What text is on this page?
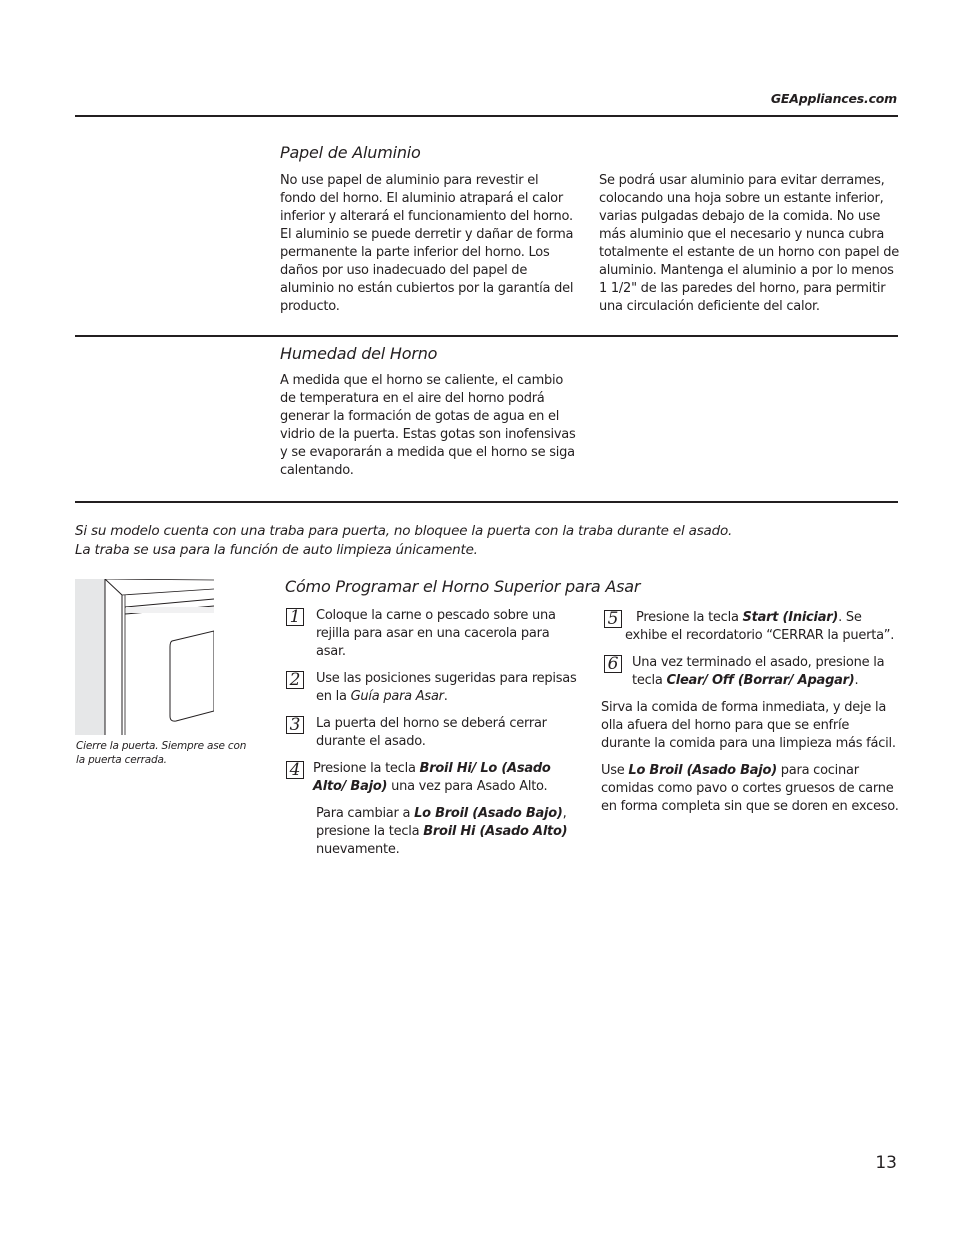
GEAppliances.com
Papel de Aluminio
No use papel de aluminio para revestir el fondo del horno. El aluminio atrapará el calor inferior y alterará el funcionamiento del horno. El aluminio se puede derretir y dañar de forma permanente la parte inferior del horno. Los daños por uso inadecuado del papel de aluminio no están cubiertos por la garantía del producto.
Se podrá usar aluminio para evitar derrames, colocando una hoja sobre un estante inferior, varias pulgadas debajo de la comida. No use más aluminio que el necesario y nunca cubra totalmente el estante de un horno con papel de aluminio. Mantenga el aluminio a por lo menos 1 1/2" de las paredes del horno, para permitir una circulación deficiente del calor.
Humedad del Horno
A medida que el horno se caliente, el cambio de temperatura en el aire del horno podrá generar la formación de gotas de agua en el vidrio de la puerta. Estas gotas son inofensivas y se evaporarán a medida que el horno se siga calentando.
Si su modelo cuenta con una traba para puerta, no bloquee la puerta con la traba durante el asado.
La traba se usa para la función de auto limpieza únicamente.
Cierre la puerta. Siempre ase con la puerta cerrada.
Cómo Programar el Horno Superior para Asar
1 Coloque la carne o pescado sobre una rejilla para asar en una cacerola para asar.
2 Use las posiciones sugeridas para repisas en la Guía para Asar.
3 La puerta del horno se deberá cerrar durante el asado.
4 Presione la tecla Broil Hi/ Lo (Asado Alto/ Bajo) una vez para Asado Alto.
Para cambiar a Lo Broil (Asado Bajo), presione la tecla Broil Hi (Asado Alto) nuevamente.
5	Presione la tecla Start (Iniciar). Se exhibe el recordatorio “CERRAR la puerta”.
6 Una vez terminado el asado, presione la tecla Clear/ Off (Borrar/ Apagar).
Sirva la comida de forma inmediata, y deje la olla afuera del horno para que se enfríe durante la comida para una limpieza más fácil.
Use Lo Broil (Asado Bajo) para cocinar comidas como pavo o cortes gruesos de carne en forma completa sin que se doren en exceso.
13
